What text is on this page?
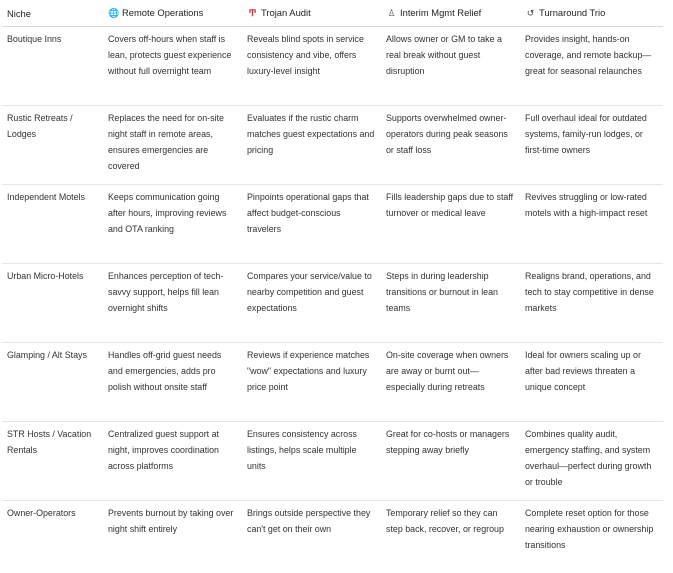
Niche	🌐 Remote Operations	Ͳ Trojan Audit	♙ Interim Mgmt Relief	↺ Turnaround Trio
Boutique Inns	Covers off-hours when staff is lean, protects guest experience without full overnight team	Reveals blind spots in service consistency and vibe, offers luxury-level insight	Allows owner or GM to take a real break without guest disruption	Provides insight, hands-on coverage, and remote backup—great for seasonal relaunches
Rustic Retreats / Lodges	Replaces the need for on-site night staff in remote areas, ensures emergencies are covered	Evaluates if the rustic charm matches guest expectations and pricing	Supports overwhelmed owner-operators during peak seasons or staff loss	Full overhaul ideal for outdated systems, family-run lodges, or first-time owners
Independent Motels	Keeps communication going after hours, improving reviews and OTA ranking	Pinpoints operational gaps that affect budget-conscious travelers	Fills leadership gaps due to staff turnover or medical leave	Revives struggling or low-rated motels with a high-impact reset
Urban Micro-Hotels	Enhances perception of tech-savvy support, helps fill lean overnight shifts	Compares your service/value to nearby competition and guest expectations	Steps in during leadership transitions or burnout in lean teams	Realigns brand, operations, and tech to stay competitive in dense markets
Glamping / Alt Stays	Handles off-grid guest needs and emergencies, adds pro polish without onsite staff	Reviews if experience matches "wow" expectations and luxury price point	On-site coverage when owners are away or burnt out—especially during retreats	Ideal for owners scaling up or after bad reviews threaten a unique concept
STR Hosts / Vacation Rentals	Centralized guest support at night, improves coordination across platforms	Ensures consistency across listings, helps scale multiple units	Great for co-hosts or managers stepping away briefly	Combines quality audit, emergency staffing, and system overhaul—perfect during growth or trouble
Owner-Operators	Prevents burnout by taking over night shift entirely	Brings outside perspective they can't get on their own	Temporary relief so they can step back, recover, or regroup	Complete reset option for those nearing exhaustion or ownership transitions
